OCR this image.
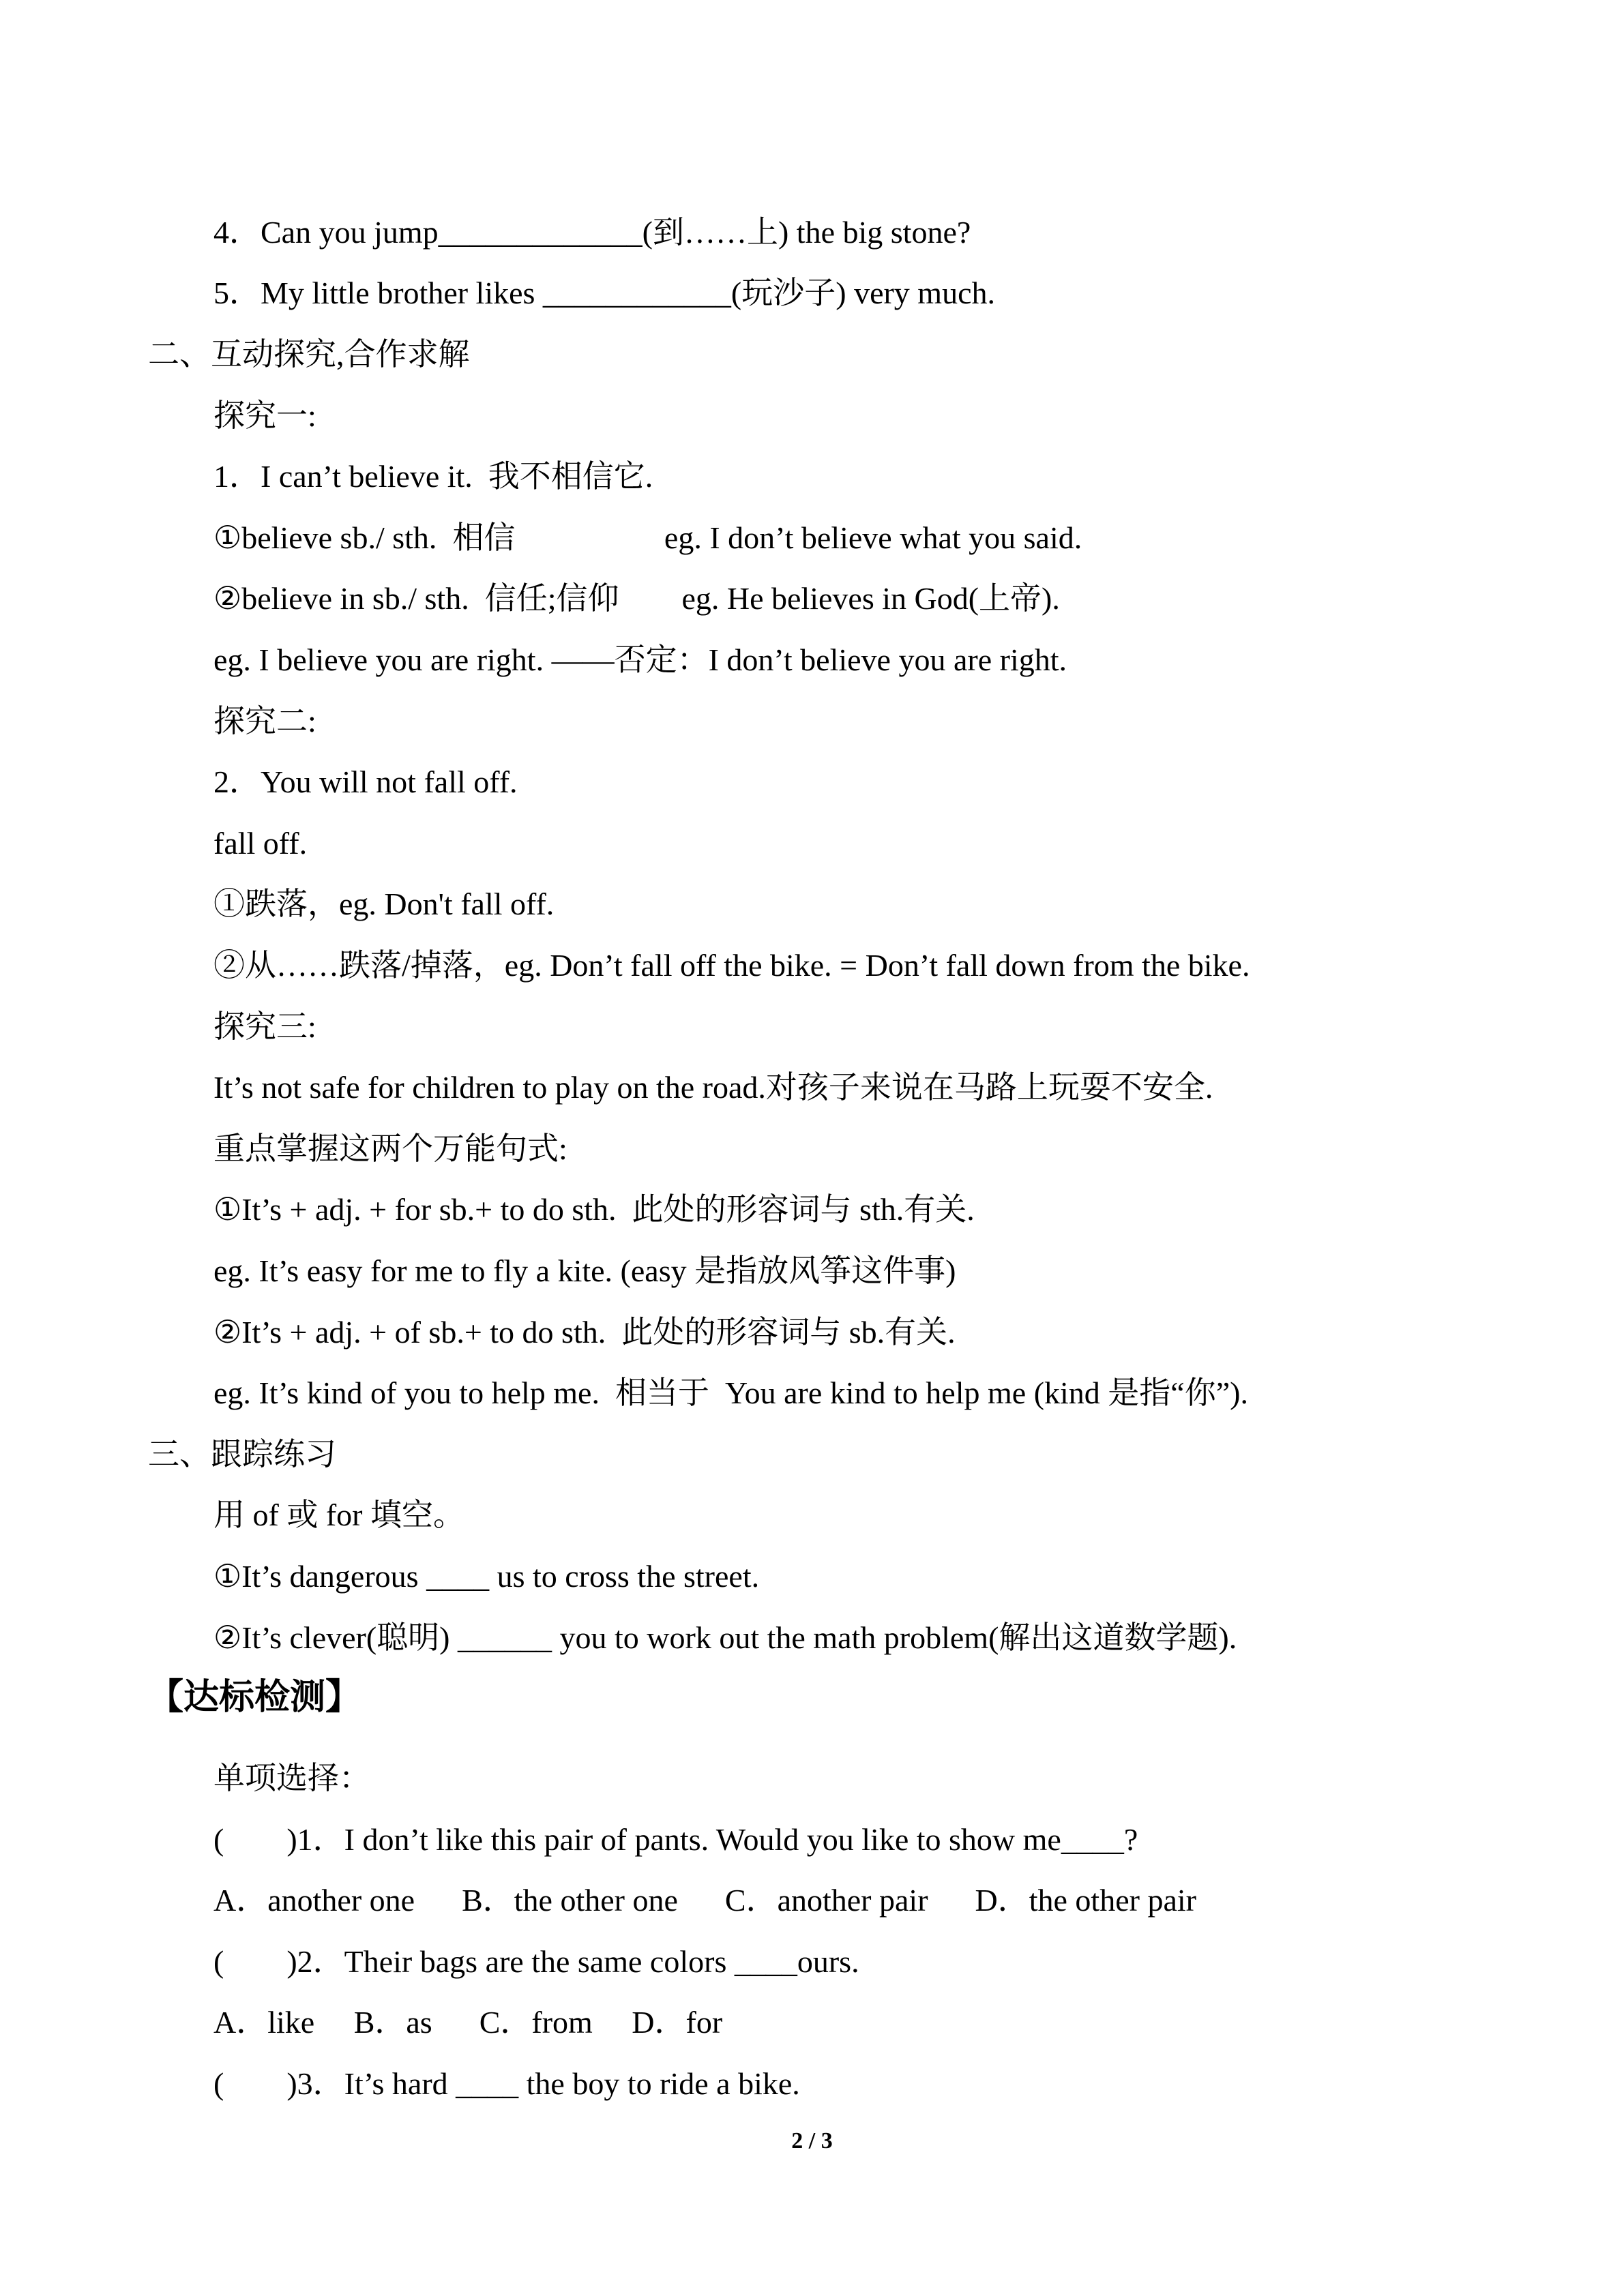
4．Can you jump_____________(到……上) the big stone?
5．My little brother likes ____________(玩沙子) very much.
二、互动探究,合作求解
探究一:
1．I can’t believe it.  我不相信它.
①believe sb./ sth.  相信                   eg. I don’t believe what you said.
②believe in sb./ sth.  信任;信仰        eg. He believes in God(上帝).
eg. I believe you are right. ——否定：I don’t believe you are right.
探究二:
2．You will not fall off.
fall off.
①跌落，eg. Don't fall off.
②从……跌落/掉落，eg. Don’t fall off the bike. = Don’t fall down from the bike.
探究三:
It’s not safe for children to play on the road.对孩子来说在马路上玩耍不安全.
重点掌握这两个万能句式:
①It’s + adj. + for sb.+ to do sth.  此处的形容词与 sth.有关.
eg. It’s easy for me to fly a kite. (easy 是指放风筝这件事)
②It’s + adj. + of sb.+ to do sth.  此处的形容词与 sb.有关.
eg. It’s kind of you to help me.  相当于  You are kind to help me (kind 是指“你”).
三、跟踪练习
用 of 或 for 填空。
①It’s dangerous ____ us to cross the street.
②It’s clever(聪明) ______ you to work out the math problem(解出这道数学题).
【达标检测】
单项选择：
(        )1．I don’t like this pair of pants. Would you like to show me____?
A．another one      B．the other one      C．another pair      D．the other pair
(        )2．Their bags are the same colors ____ours.
A．like     B．as      C．from     D．for
(        )3．It’s hard ____ the boy to ride a bike.
2 / 3
